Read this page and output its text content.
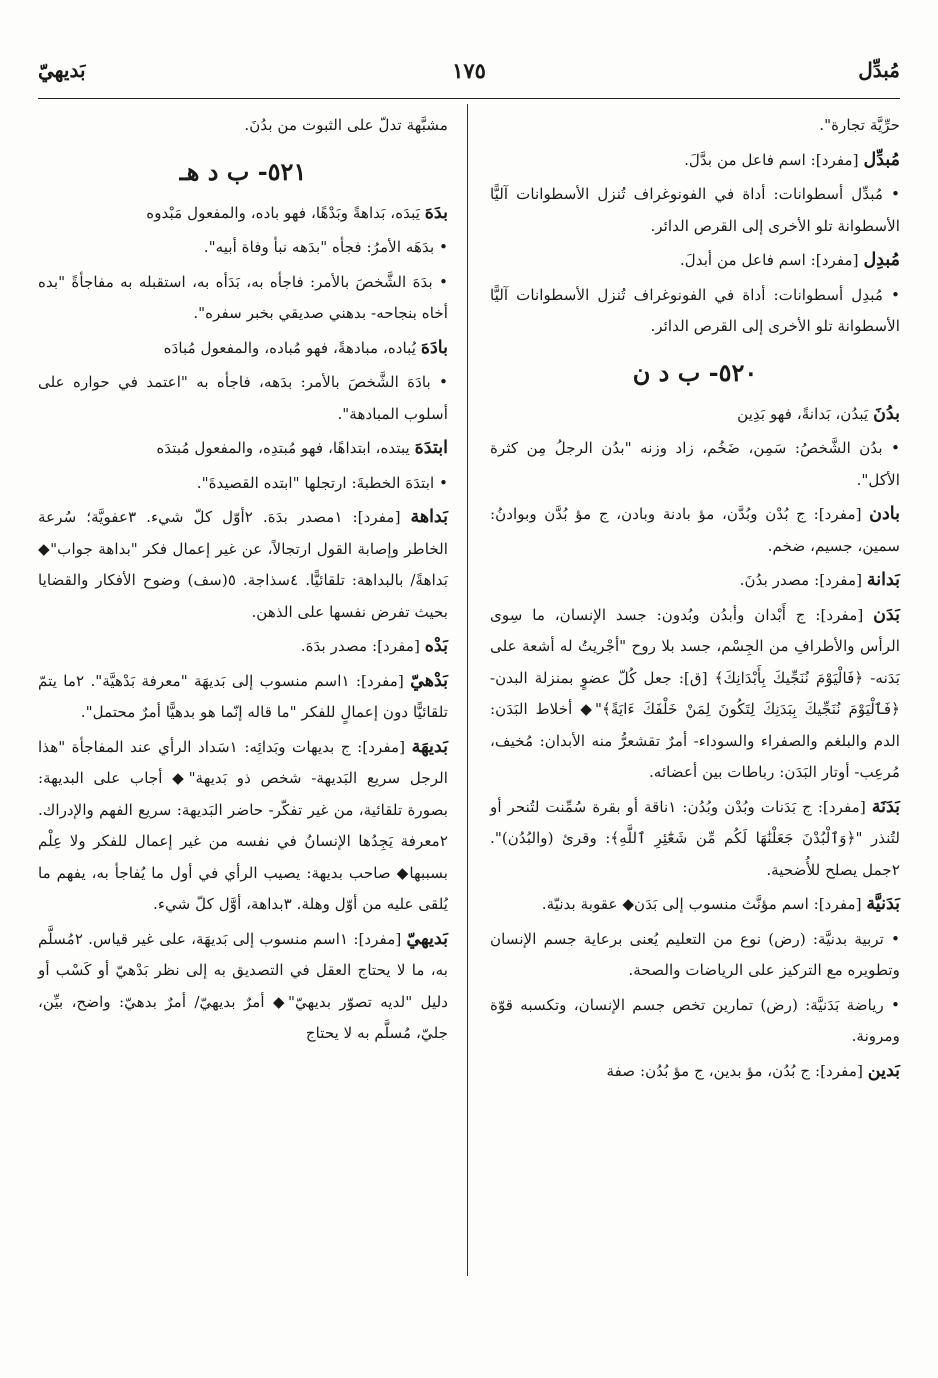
مُبدِّل
١٧٥
بَديهيّ

حرِّيَّة تجارة".

مُبدِّل [مفرد]: اسم فاعل من بدَّلَ.

• مُبدِّل أسطوانات: أداة في الفونوغراف تُنزل الأسطوانات آليًّا الأسطوانة تلو الأخرى إلى القرص الدائر.

مُبدِل [مفرد]: اسم فاعل من أبدلَ.

• مُبدِل أسطوانات: أداة في الفونوغراف تُنزل الأسطوانات آليًّا الأسطوانة تلو الأخرى إلى القرص الدائر.

٥٢٠- ب د ن

بدُنَ يَبدُن، بَدانةً، فهو بَدِين

• بدُن الشَّخصُ: سَمِن، ضَخُم، زاد وزنه "بدُن الرجلُ مِن كثرة الأكل".

بادن [مفرد]: ج بُدْن وبُدَّن، مؤ بادنة وبادن، ج مؤ بُدَّن وبوادنُ: سمين، جسيم، ضخم.

بَدانة [مفرد]: مصدر بدُنَ.

بَدَن [مفرد]: ج أَبْدان وأبدُن وبُدون: جسد الإنسان، ما سِوى الرأس والأطرافِ من الجِسْم، جسد بلا روح "أجْريتُ له أشعة على بَدَنه- ﴿فَالْيَوْمَ نُنَجِّيكَ بِأَبْدَانِكَ﴾ [ق]: جعل كُلّ عضوٍ بمنزلة البدن- ﴿فَٱلْيَوْمَ نُنَجِّيكَ بِبَدَنِكَ لِتَكُونَ لِمَنْ خَلْفَكَ ءَايَةً﴾"◆ أخلاط البَدَن: الدم والبلغم والصفراء والسوداء- أمرٌ تقشعرُّ منه الأبدان: مُخيف، مُرعِب- أوتار البَدَن: رباطات بين أعضائه.

بَدَنَة [مفرد]: ج بَدَنات وبُدْن وبُدُن: ١ناقة أو بقرة سُمِّنت لتُنحر أو لتُنذر "﴿وَٱلْبُدْنَ جَعَلْنَٰهَا لَكُم مِّن شَعَٰٓئِرِ ٱللَّهِ﴾: وقرئ (والبُدُن)". ٢جمل يصلح للأُضحية.

بَدَنيَّة [مفرد]: اسم مؤنَّث منسوب إلى بَدَن◆ عقوبة بدنيّة.

• تربية بدنيَّة: (رض) نوع من التعليم يُعنى برعاية جسم الإنسان وتطويره مع التركيز على الرياضات والصحة.

• رياضة بَدَنيَّة: (رض) تمارين تخص جسم الإنسان، وتكسبه قوّة ومرونة.

بَدين [مفرد]: ج بُدُن، مؤ بدين، ج مؤ بُدُن: صفة

مشبَّهة تدلّ على الثبوت من بدُنَ.

٥٢١- ب د هـ

بدَهَ يَبدَه، بَداهةً وبَدْهًا، فهو باده، والمفعول مَبْدوه

• بدَهَه الأمرُ: فجأه "بدَهه نبأ وفاة أبيه".

• بدَهَ الشَّخصَ بالأمر: فاجأه به، بَدَأه به، استقبله به مفاجأةً "بده أخاه بنجاحه- بدهني صديقي بخبر سفره".

بادَهَ يُباده، مبادهةً، فهو مُباده، والمفعول مُبادَه

• بادَهَ الشَّخصَ بالأمر: بدَهه، فاجأه به "اعتمد في حواره على أسلوب المبادهة".

ابتدَهَ يبتده، ابتداهًا، فهو مُبتدِه، والمفعول مُبتدَه

• ابتدَهَ الخطبةَ: ارتجلها "ابتده القصيدةَ".

بَداهة [مفرد]: ١مصدر بدَهَ. ٢أوّل كلّ شيء. ٣عفويَّة؛ سُرعة الخاطر وإصابة القول ارتجالاً، عن غير إعمال فكر "بداهة جواب"◆ بَداهةً/ بالبداهة: تلقائيًّا. ٤سذاجة. ٥(سف) وضوح الأفكار والقضايا بحيث تفرض نفسها على الذهن.

بَدْه [مفرد]: مصدر بدَهَ.

بَدْهيّ [مفرد]: ١اسم منسوب إلى بَديهَة "معرفة بَدْهيَّة". ٢ما يتمّ تلقائيًّا دون إعمالٍ للفكر "ما قاله إنّما هو بدهيًّا أمرٌ محتمل".

بَديهَة [مفرد]: ج بديهات وبَدائِه: ١سَداد الرأي عند المفاجأة "هذا الرجل سريع البَديهة- شخص ذو بَديهة"◆ أجاب على البديهة: بصورة تلقائية، من غير تفكّر- حاضر البَديهة: سريع الفهم والإدراك. ٢معرفة يَجِدُها الإنسانُ في نفسه من غير إعمال للفكر ولا عِلْم بسببها◆ صاحب بديهة: يصيب الرأي في أول ما يُفاجأ به، يفهم ما يُلقى عليه من أوّل وهلة. ٣بداهة، أوَّل كلّ شيء.

بَديهيّ [مفرد]: ١اسم منسوب إلى بَديهَة، على غير قياس. ٢مُسلَّم به، ما لا يحتاج العقل في التصديق به إلى نظر بَدْهيّ أو كَسْب أو دليل "لديه تصوّر بديهيّ"◆ أمرٌ بديهيّ/ أمرٌ بدهيّ: واضح، بيِّن، جليّ، مُسلَّم به لا يحتاج
